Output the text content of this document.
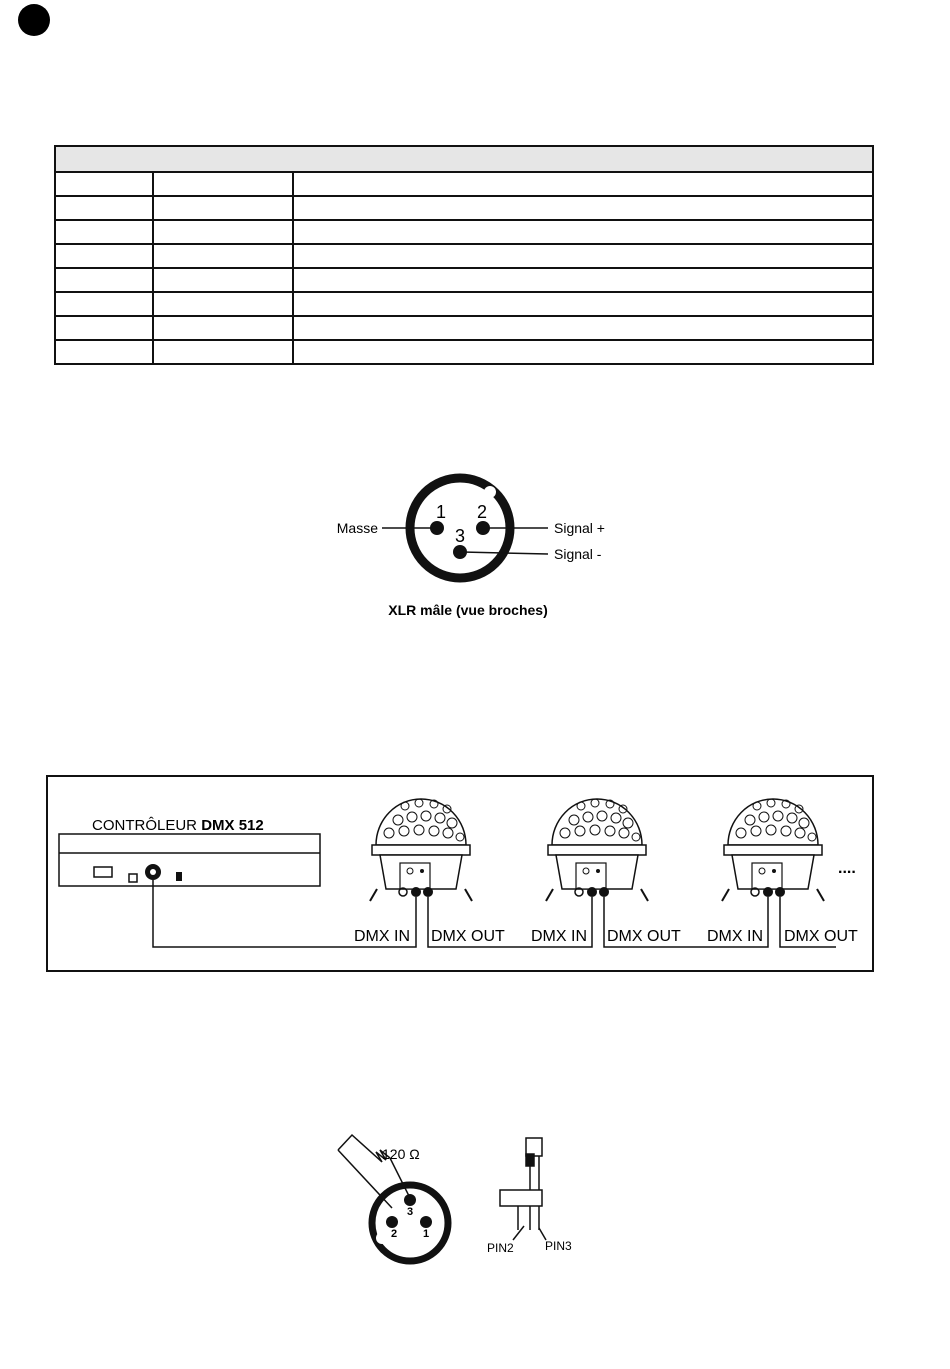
1 2
3
Masse	Signal +
Signal -
XLR mâle (vue broches)
CONTRÔLEUR DMX 512
....
DMX IN DMX OUT DMX IN DMX OUT DMX IN DMX OUT
120 Ω
3
2 1
PIN2	PIN3
